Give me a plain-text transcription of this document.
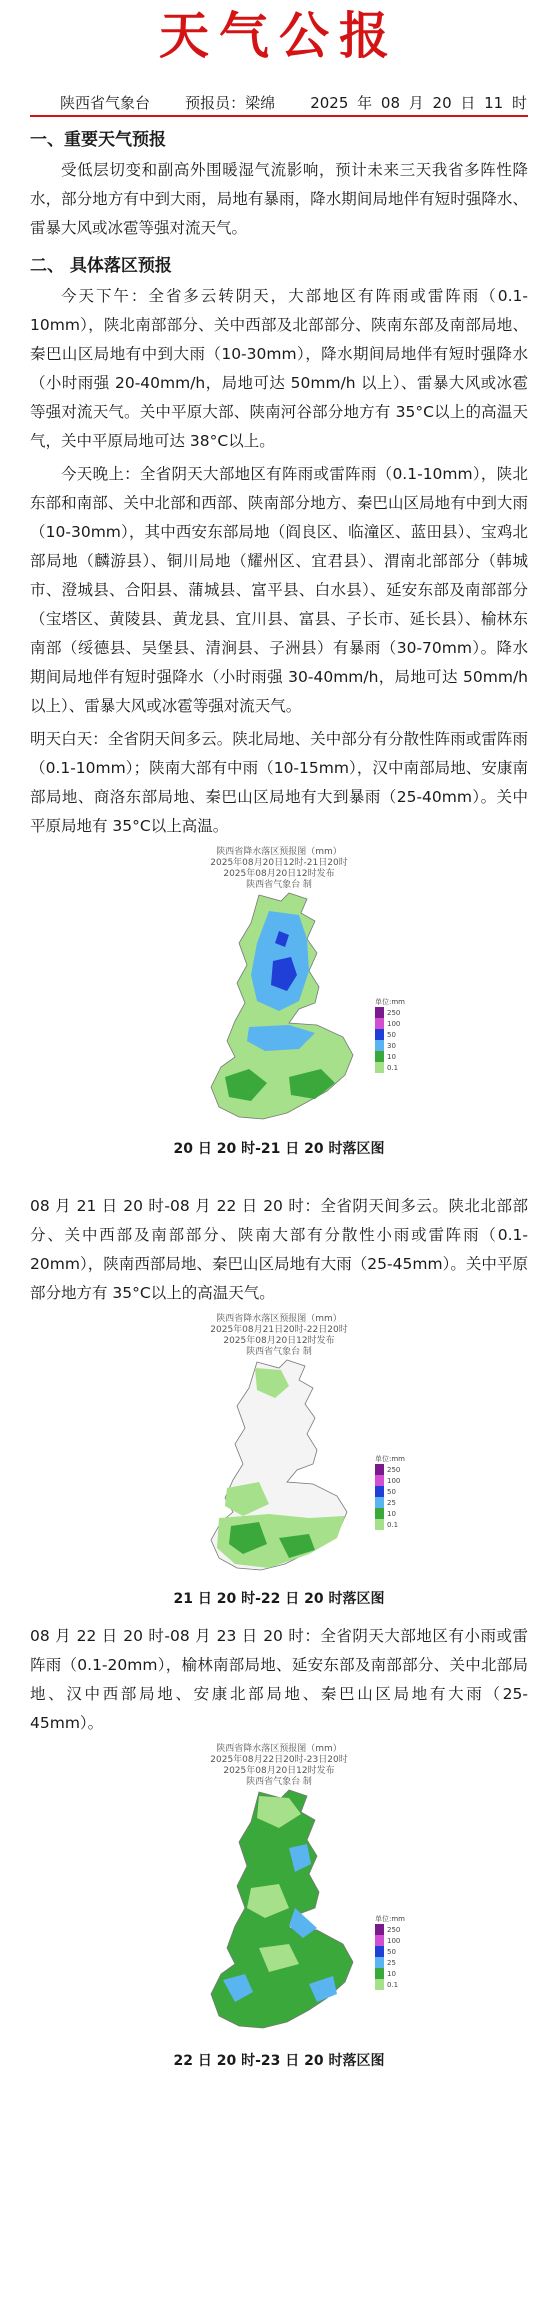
天气公报
陕西省气象台 预报员：梁绵 2025 年 08 月 20 日 11 时
一、重要天气预报

受低层切变和副高外围暖湿气流影响，预计未来三天我省多阵性降水，部分地方有中到大雨，局地有暴雨，降水期间局地伴有短时强降水、雷暴大风或冰雹等强对流天气。

二、 具体落区预报

今天下午：全省多云转阴天，大部地区有阵雨或雷阵雨（0.1-10mm），陕北南部部分、关中西部及北部部分、陕南东部及南部局地、秦巴山区局地有中到大雨（10-30mm），降水期间局地伴有短时强降水（小时雨强 20-40mm/h，局地可达 50mm/h 以上）、雷暴大风或冰雹等强对流天气。关中平原大部、陕南河谷部分地方有 35°C以上的高温天气，关中平原局地可达 38°C以上。

今天晚上：全省阴天大部地区有阵雨或雷阵雨（0.1-10mm），陕北东部和南部、关中北部和西部、陕南部分地方、秦巴山区局地有中到大雨（10-30mm），其中西安东部局地（阎良区、临潼区、蓝田县）、宝鸡北部局地（麟游县）、铜川局地（耀州区、宜君县）、渭南北部部分（韩城市、澄城县、合阳县、蒲城县、富平县、白水县）、延安东部及南部部分（宝塔区、黄陵县、黄龙县、宜川县、富县、子长市、延长县）、榆林东南部（绥德县、吴堡县、清涧县、子洲县）有暴雨（30-70mm）。降水期间局地伴有短时强降水（小时雨强 30-40mm/h，局地可达 50mm/h 以上）、雷暴大风或冰雹等强对流天气。

明天白天：全省阴天间多云。陕北局地、关中部分有分散性阵雨或雷阵雨（0.1-10mm）；陕南大部有中雨（10-15mm），汉中南部局地、安康南部局地、商洛东部局地、秦巴山区局地有大到暴雨（25-40mm）。关中平原局地有 35°C以上高温。

陕西省降水落区预报图（mm）
2025年08月20日12时-21日20时
2025年08月20日12时发布
陕西省气象台 制
单位:mm
250
100
50
30
10
0.1
20 日 20 时-21 日 20 时落区图

08 月 21 日 20 时-08 月 22 日 20 时：全省阴天间多云。陕北北部部分、关中西部及南部部分、陕南大部有分散性小雨或雷阵雨（0.1-20mm），陕南西部局地、秦巴山区局地有大雨（25-45mm）。关中平原部分地方有 35°C以上的高温天气。

陕西省降水落区预报图（mm）
2025年08月21日20时-22日20时
2025年08月20日12时发布
陕西省气象台 制
单位:mm
250
100
50
25
10
0.1
21 日 20 时-22 日 20 时落区图

08 月 22 日 20 时-08 月 23 日 20 时：全省阴天大部地区有小雨或雷阵雨（0.1-20mm），榆林南部局地、延安东部及南部部分、关中北部局地、汉中西部局地、安康北部局地、秦巴山区局地有大雨（25-45mm）。

陕西省降水落区预报图（mm）
2025年08月22日20时-23日20时
2025年08月20日12时发布
陕西省气象台 制
单位:mm
250
100
50
25
10
0.1
22 日 20 时-23 日 20 时落区图
